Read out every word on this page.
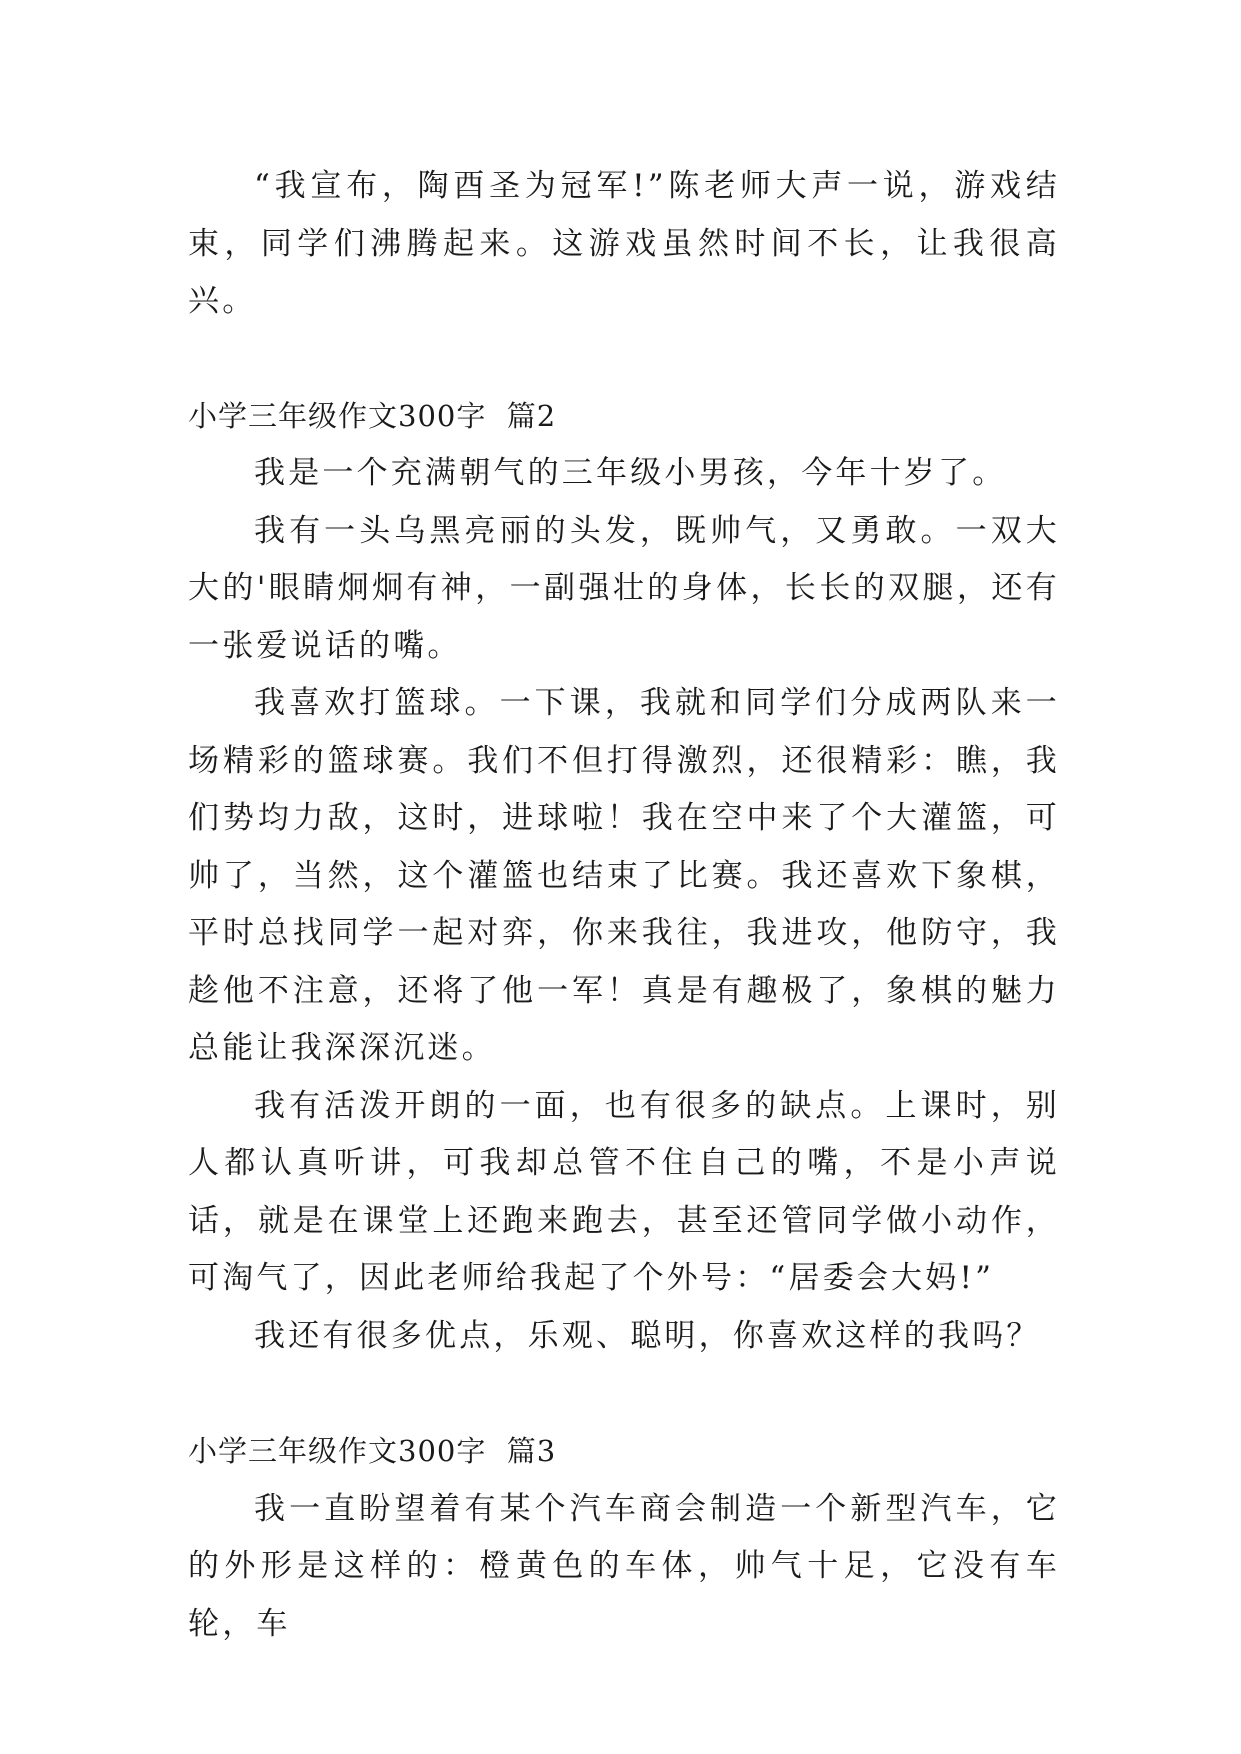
“我宣布，陶酉圣为冠军!”陈老师大声一说，游戏结束，同学们沸腾起来。这游戏虽然时间不长，让我很高兴。

小学三年级作文300字  篇2

我是一个充满朝气的三年级小男孩，今年十岁了。

我有一头乌黑亮丽的头发，既帅气，又勇敢。一双大大的'眼睛炯炯有神，一副强壮的身体，长长的双腿，还有一张爱说话的嘴。

我喜欢打篮球。一下课，我就和同学们分成两队来一场精彩的篮球赛。我们不但打得激烈，还很精彩：瞧，我们势均力敌，这时，进球啦！我在空中来了个大灌篮，可帅了，当然，这个灌篮也结束了比赛。我还喜欢下象棋，平时总找同学一起对弈，你来我往，我进攻，他防守，我趁他不注意，还将了他一军！真是有趣极了，象棋的魅力总能让我深深沉迷。

我有活泼开朗的一面，也有很多的缺点。上课时，别人都认真听讲，可我却总管不住自己的嘴，不是小声说话，就是在课堂上还跑来跑去，甚至还管同学做小动作，可淘气了，因此老师给我起了个外号：“居委会大妈!”

我还有很多优点，乐观、聪明，你喜欢这样的我吗？

小学三年级作文300字  篇3

我一直盼望着有某个汽车商会制造一个新型汽车，它的外形是这样的：橙黄色的车体，帅气十足，它没有车轮，车
